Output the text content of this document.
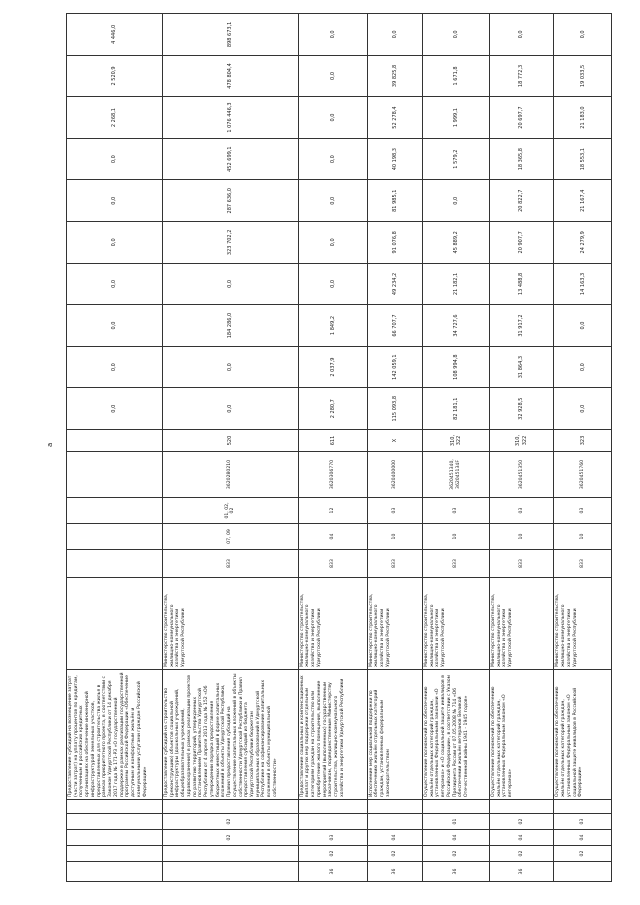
a
					Предоставление субсидий на возмещение затрат (части затрат) на уплату процентов по кредитам, полученным в российских кредитных организациях на обеспечение инженерной инфраструктурой земельных участков, предоставленных для строительства жилья в рамках приоритетного проекта, в соответствии с Законом Удмуртской Республики от 14 декабря 2017 года № 171-РЗ «О государственной поддержке в рамках реализации государственной программы Российской Федерации «Обеспечение доступным и комфортным жильём и коммунальными услугами граждан Российской Федерации»							0,0	0,0	0,0	0,0	0,0	0,0	0,0	2 268,1	2 520,9	4 446,0
		02	02		Предоставление субсидий на строительство (реконструкцию) объектов социальной инфраструктуры (дошкольных учреждений, общеобразовательных учреждений, здравоохранения) в рамках реализации проектов по развитию территорий, утвержденных постановлением Правительства Удмуртской Республики от 4 апреля 2013 года № 152 «Об утверждении порядка предоставления бюджетных инвестиций в форме капитальных вложений в объекты Удмуртской Республики, Правил предоставления субсидий на осуществление капитальных вложений в объекты собственности Удмуртской Республики и Правил предоставления субсидий из бюджета Удмуртской Республики бюджетам муниципальных образований в Удмуртской Республике на софинансирование капитальных вложений в объекты муниципальной собственности»	Министерство строительства, жилищно-коммунального хозяйства и энергетики Удмуртской Республики	833	07, 09	01, 02, 02	3620280210	520	0,0	0,0	184 286,0	0,0	323 702,2	287 636,0	452 699,1	1 076 446,3	478 804,4	898 673,1
36	02	03			Предоставление социальных и компенсационных выплат и других мер поддержки отдельным категориям граждан на строительство или приобретение жилого помещения, выполнение мероприятий (выполненных) государственным заказчиком, подведомственным Министерству строительства, жилищно-коммунального хозяйства и энергетики Удмуртской Республики	Министерство строительства, жилищно-коммунального хозяйства и энергетики Удмуртской Республики	833	04	12	3620306770	611	2 280,7	2 037,9	1 849,2	0,0	0,0	0,0	0,0	0,0	0,0	0,0
36	02	04			Исполнение мер социальной поддержки по обеспечению жильём отдельных категорий граждан, установленных федеральным законодательством	Министерство строительства, жилищно-коммунального хозяйства и энергетики Удмуртской Республики	833	10	03	3620400000	X	115 093,8	142 059,1	66 707,7	49 234,2	91 076,8	81 985,1	40 198,3	52 278,4	39 825,8	0,0
36	02	04	01		Осуществление полномочий по обеспечению жильём отдельных категорий граждан, установленных Федеральными законами «О ветеранах» и «О социальной защите инвалидов в Российской Федерации», в соответствии с Указом Президента России от 07.05.2008 № 714 «Об обеспечении жильём ветеранов Великой Отечественной войны 1941 - 1945 годов»	Министерство строительства, жилищно-коммунального хозяйства и энергетики Удмуртской Республики	833	10	03	3620451340, 362045134F	310, 322	82 181,1	108 994,8	34 727,6	21 182,1	45 889,2	0,0	1 579,2	1 999,1	1 671,8	0,0
36	02	04	02		Осуществление полномочий по обеспечению жильём отдельных категорий граждан, установленных Федеральным законом «О ветеранах»	Министерство строительства, жилищно-коммунального хозяйства и энергетики Удмуртской Республики	833	10	03	3620451350	310, 322	32 928,5	31 864,3	31 917,2	13 488,8	20 907,7	20 822,7	18 365,8	20 697,7	18 772,3	0,0
	02	04	03		Осуществление полномочий по обеспечению жильём отдельных категорий граждан, установленных Федеральным законом «О социальной защите инвалидов в Российской Федерации»	Министерство строительства, жилищно-коммунального хозяйства и энергетики Удмуртской Республики	833	10	03	3620451760	323	0,0	0,0	0,0	14 163,3	24 279,9	21 167,4	18 553,1	21 183,0	19 033,5	0,0
